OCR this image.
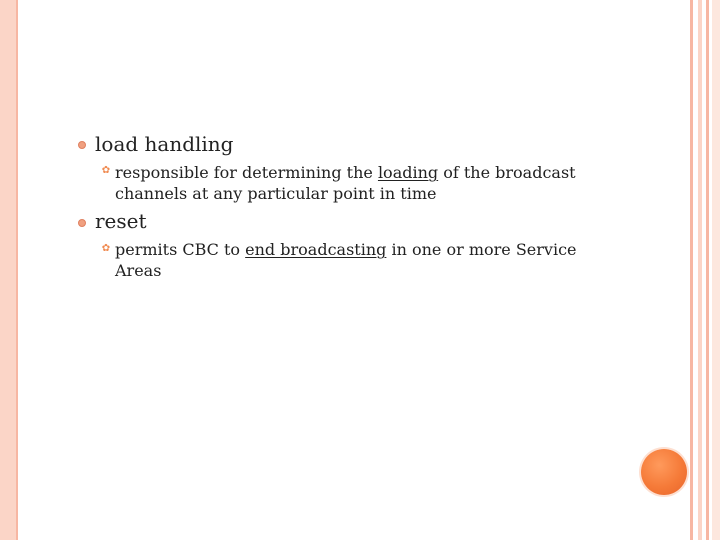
load handling
✿ responsible for determining the loading of the broadcast
channels at any particular point in time
reset
✿ permits CBC to end broadcasting in one or more Service
Areas
